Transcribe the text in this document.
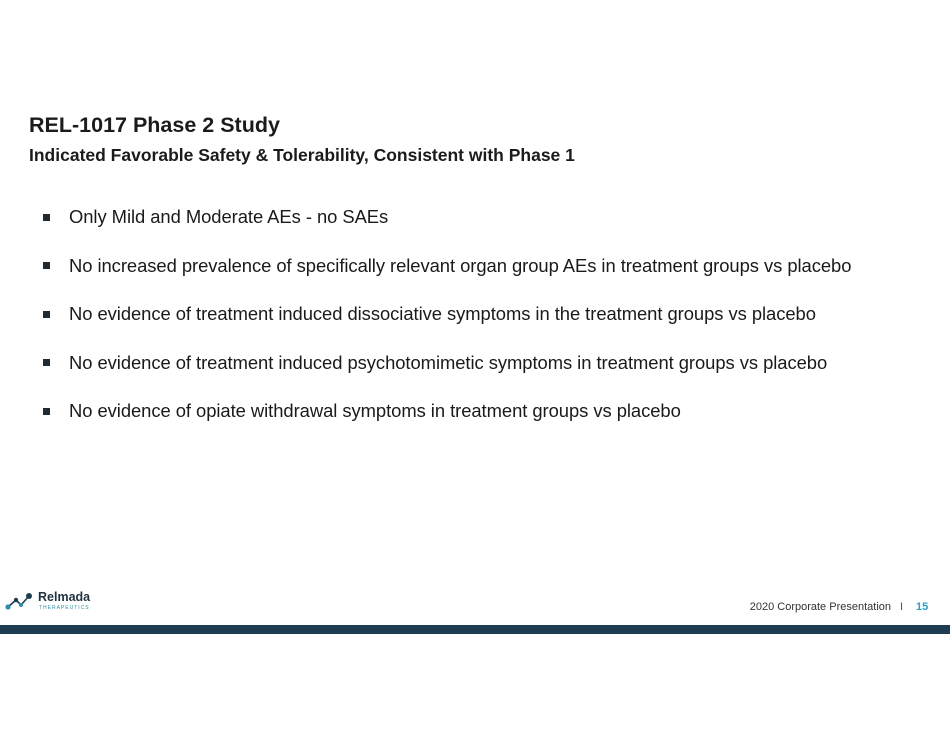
REL-1017 Phase 2 Study
Indicated Favorable Safety & Tolerability, Consistent with Phase 1
Only Mild and Moderate AEs - no SAEs
No increased prevalence of specifically relevant organ group AEs in treatment groups vs placebo
No evidence of treatment induced dissociative symptoms in the treatment groups vs placebo
No evidence of treatment induced psychotomimetic symptoms in treatment groups vs placebo
No evidence of opiate withdrawal symptoms in treatment groups vs placebo
Relmada
THERAPEUTICS	2020 Corporate Presentation I 15
